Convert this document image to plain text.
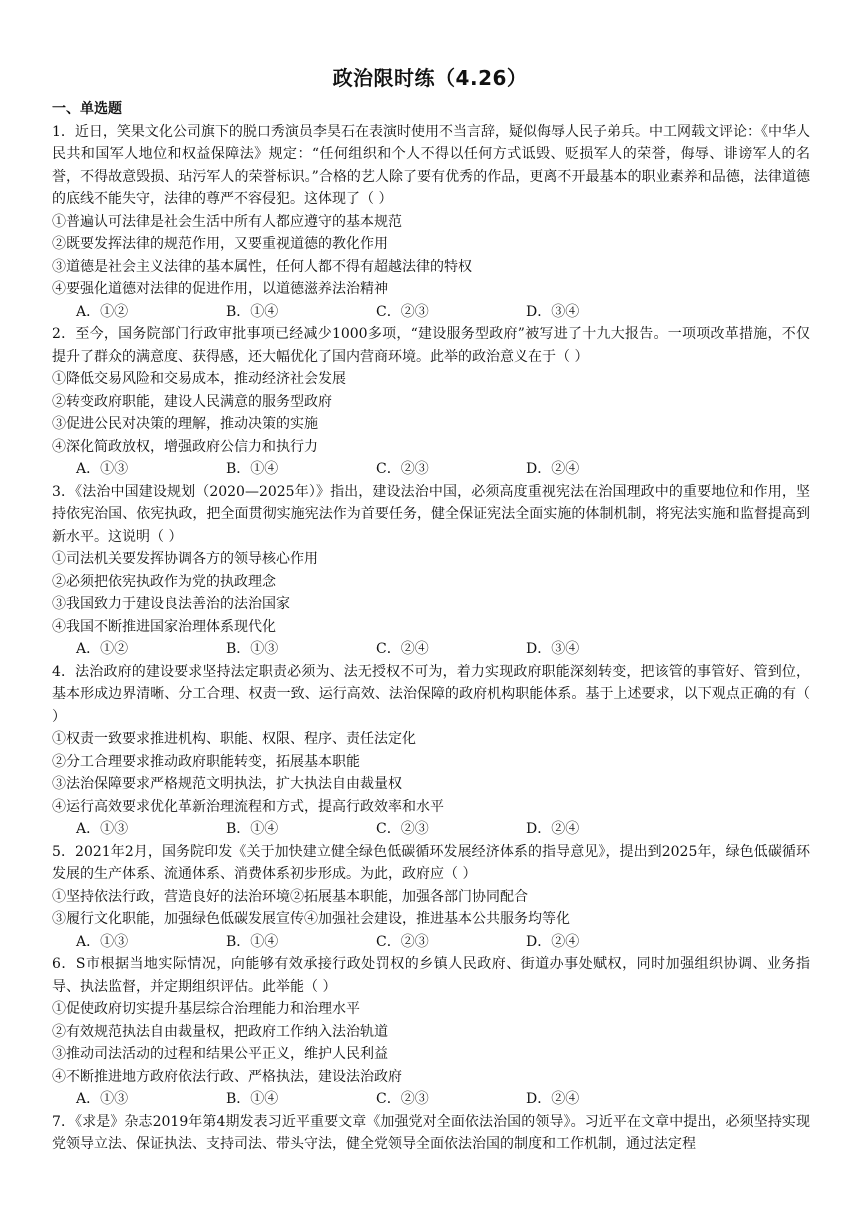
政治限时练（4.26）
一、单选题
1．近日，笑果文化公司旗下的脱口秀演员李昊石在表演时使用不当言辞，疑似侮辱人民子弟兵。中工网载文评论：《中华人民共和国军人地位和权益保障法》规定：“任何组织和个人不得以任何方式诋毁、贬损军人的荣誉，侮辱、诽谤军人的名誉，不得故意毁损、玷污军人的荣誉标识。”合格的艺人除了要有优秀的作品，更离不开最基本的职业素养和品德，法律道德的底线不能失守，法律的尊严不容侵犯。这体现了（ ）
①普遍认可法律是社会生活中所有人都应遵守的基本规范
②既要发挥法律的规范作用，又要重视道德的教化作用
③道德是社会主义法律的基本属性，任何人都不得有超越法律的特权
④要强化道德对法律的促进作用，以道德滋养法治精神
A．①②	B．①④	C．②③	D．③④
2．至今，国务院部门行政审批事项已经减少1000多项，“建设服务型政府”被写进了十九大报告。一项项改革措施，不仅提升了群众的满意度、获得感，还大幅优化了国内营商环境。此举的政治意义在于（ ）
①降低交易风险和交易成本，推动经济社会发展
②转变政府职能，建设人民满意的服务型政府
③促进公民对决策的理解，推动决策的实施
④深化简政放权，增强政府公信力和执行力
A．①③	B．①④	C．②③	D．②④
3．《法治中国建设规划（2020—2025年）》指出，建设法治中国，必须高度重视宪法在治国理政中的重要地位和作用，坚持依宪治国、依宪执政，把全面贯彻实施宪法作为首要任务，健全保证宪法全面实施的体制机制，将宪法实施和监督提高到新水平。这说明（ ）
①司法机关要发挥协调各方的领导核心作用
②必须把依宪执政作为党的执政理念
③我国致力于建设良法善治的法治国家
④我国不断推进国家治理体系现代化
A．①②	B．①③	C．②④	D．③④
4．法治政府的建设要求坚持法定职责必须为、法无授权不可为，着力实现政府职能深刻转变，把该管的事管好、管到位，基本形成边界清晰、分工合理、权责一致、运行高效、法治保障的政府机构职能体系。基于上述要求，以下观点正确的有（ ）
①权责一致要求推进机构、职能、权限、程序、责任法定化
②分工合理要求推动政府职能转变，拓展基本职能
③法治保障要求严格规范文明执法，扩大执法自由裁量权
④运行高效要求优化革新治理流程和方式，提高行政效率和水平
A．①③	B．①④	C．②③	D．②④
5．2021年2月，国务院印发《关于加快建立健全绿色低碳循环发展经济体系的指导意见》，提出到2025年，绿色低碳循环发展的生产体系、流通体系、消费体系初步形成。为此，政府应（ ）
①坚持依法行政，营造良好的法治环境②拓展基本职能，加强各部门协同配合
③履行文化职能，加强绿色低碳发展宣传④加强社会建设，推进基本公共服务均等化
A．①③	B．①④	C．②③	D．②④
6．S市根据当地实际情况，向能够有效承接行政处罚权的乡镇人民政府、街道办事处赋权，同时加强组织协调、业务指导、执法监督，并定期组织评估。此举能（ ）
①促使政府切实提升基层综合治理能力和治理水平
②有效规范执法自由裁量权，把政府工作纳入法治轨道
③推动司法活动的过程和结果公平正义，维护人民利益
④不断推进地方政府依法行政、严格执法，建设法治政府
A．①③	B．①④	C．②③	D．②④
7．《求是》杂志2019年第4期发表习近平重要文章《加强党对全面依法治国的领导》。习近平在文章中提出，必须坚持实现党领导立法、保证执法、支持司法、带头守法，健全党领导全面依法治国的制度和工作机制，通过法定程
